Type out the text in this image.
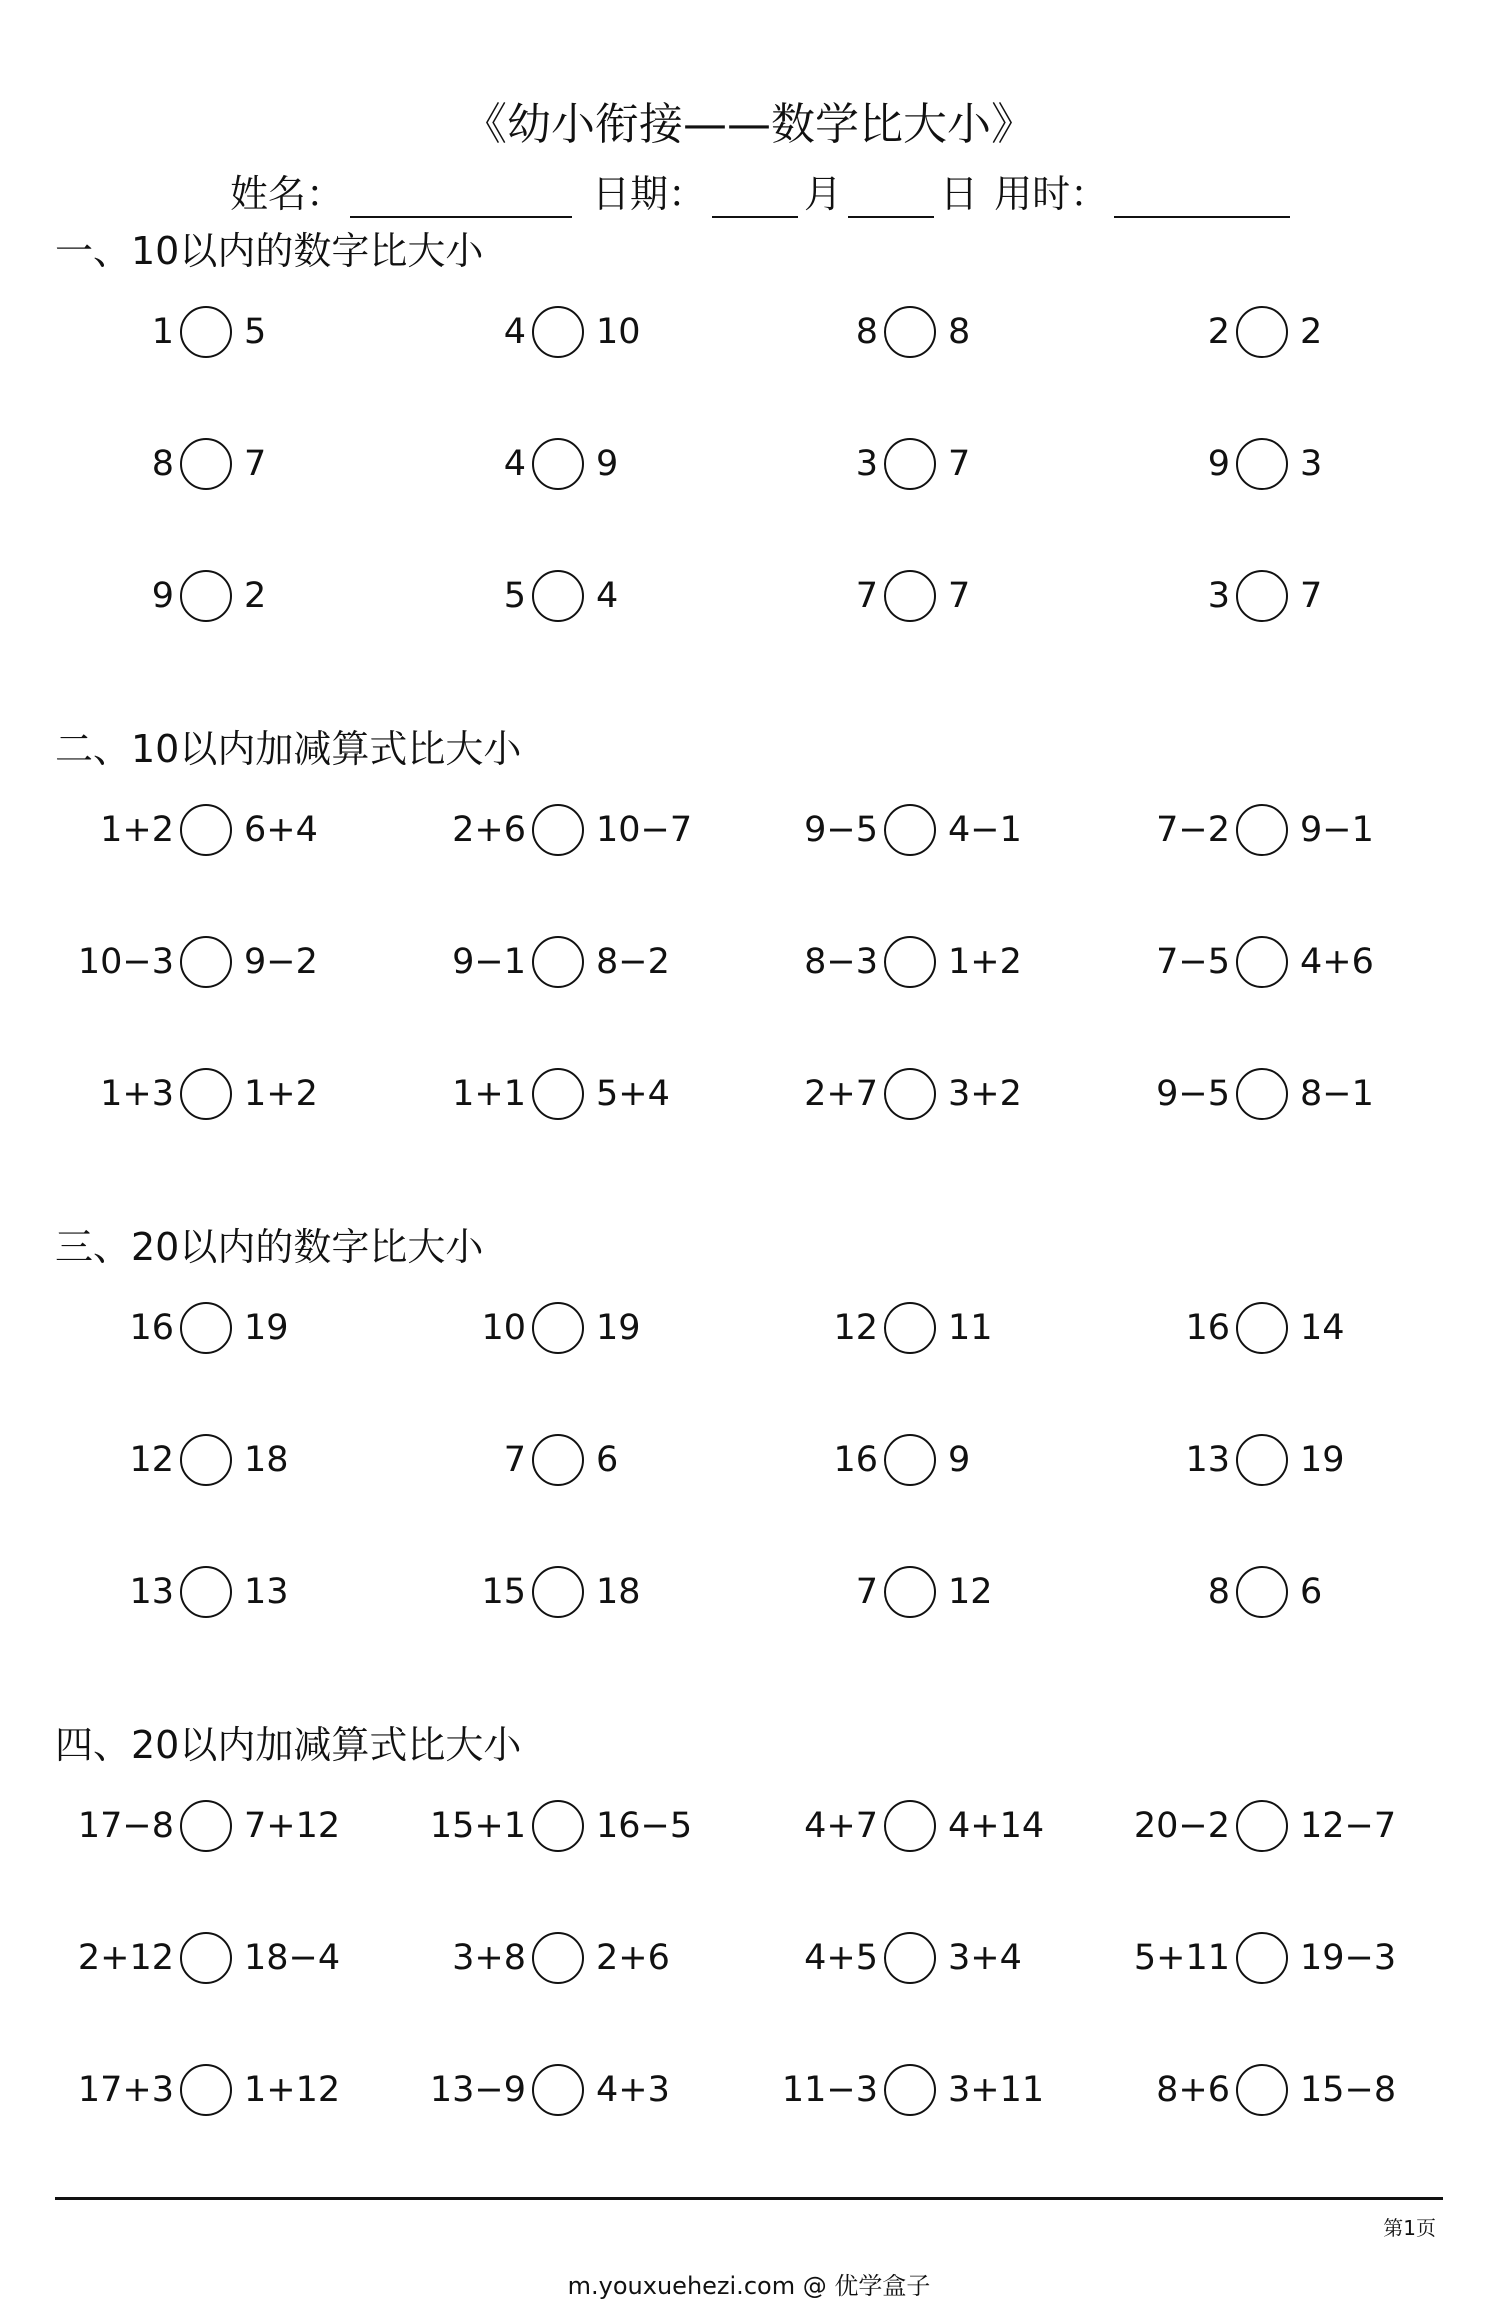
《幼小衔接——数学比大小》
姓名：	日期：	月	日 用时：
一、10以内的数字比大小
1 5	4 10	8 8	2 2
8 7	4 9	3 7	9 3
9 2	5 4	7 7	3 7
二、10以内加减算式比大小
1+2 6+4	2+6 10−7	9−5 4−1	7−2 9−1
10−3 9−2	9−1 8−2	8−3 1+2	7−5 4+6
1+3 1+2	1+1 5+4	2+7 3+2	9−5 8−1
三、20以内的数字比大小
16 19	10 19	12 11	16 14
12 18	7 6	16 9	13 19
13 13	15 18	7 12	8 6
四、20以内加减算式比大小
17−8 7+12	15+1 16−5	4+7 4+14	20−2 12−7
2+12 18−4	3+8 2+6	4+5 3+4	5+11 19−3
17+3 1+12	13−9 4+3	11−3 3+11	8+6 15−8
第1页
m.youxuehezi.com @ 优学盒子
